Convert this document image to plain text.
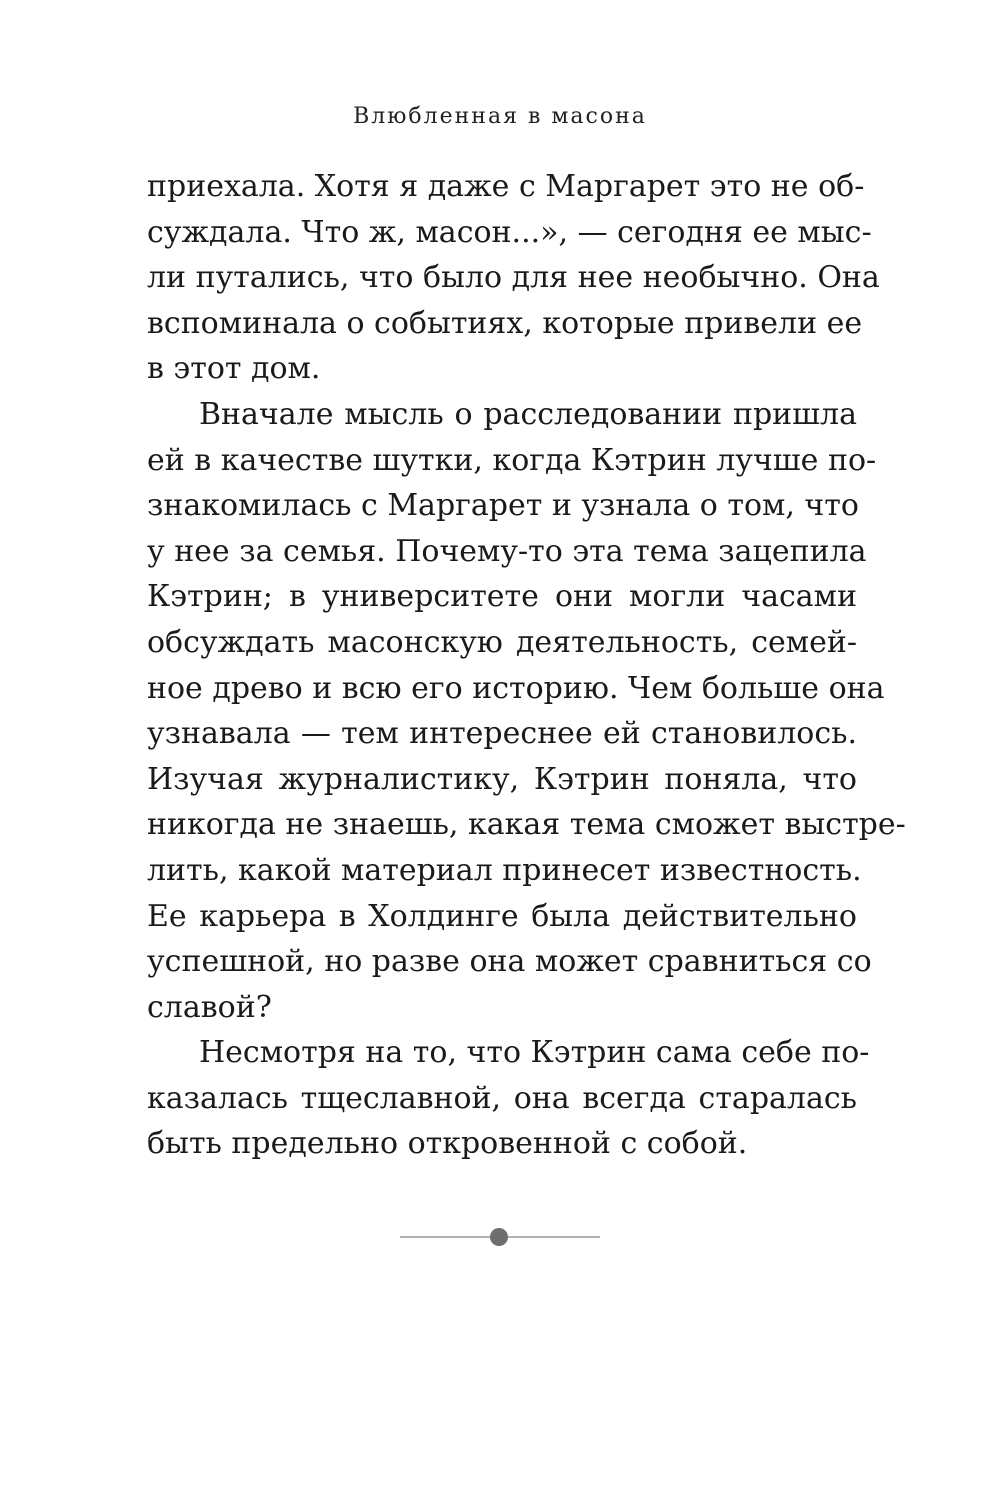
Влюбленная в масона
приехала. Хотя я даже с Маргарет это не об-
суждала. Что ж, масон...», — сегодня ее мыс-
ли путались, что было для нее необычно. Она
вспоминала о событиях, которые привели ее
в этот дом.
Вначале мысль о расследовании пришла
ей в качестве шутки, когда Кэтрин лучше по-
знакомилась с Маргарет и узнала о том, что
у нее за семья. Почему-то эта тема зацепила
Кэтрин; в университете они могли часами
обсуждать масонскую деятельность, семей-
ное древо и всю его историю. Чем больше она
узнавала — тем интереснее ей становилось.
Изучая журналистику, Кэтрин поняла, что
никогда не знаешь, какая тема сможет выстре-
лить, какой материал принесет известность.
Ее карьера в Холдинге была действительно
успешной, но разве она может сравниться со
славой?
Несмотря на то, что Кэтрин сама себе по-
казалась тщеславной, она всегда старалась
быть предельно откровенной с собой.
